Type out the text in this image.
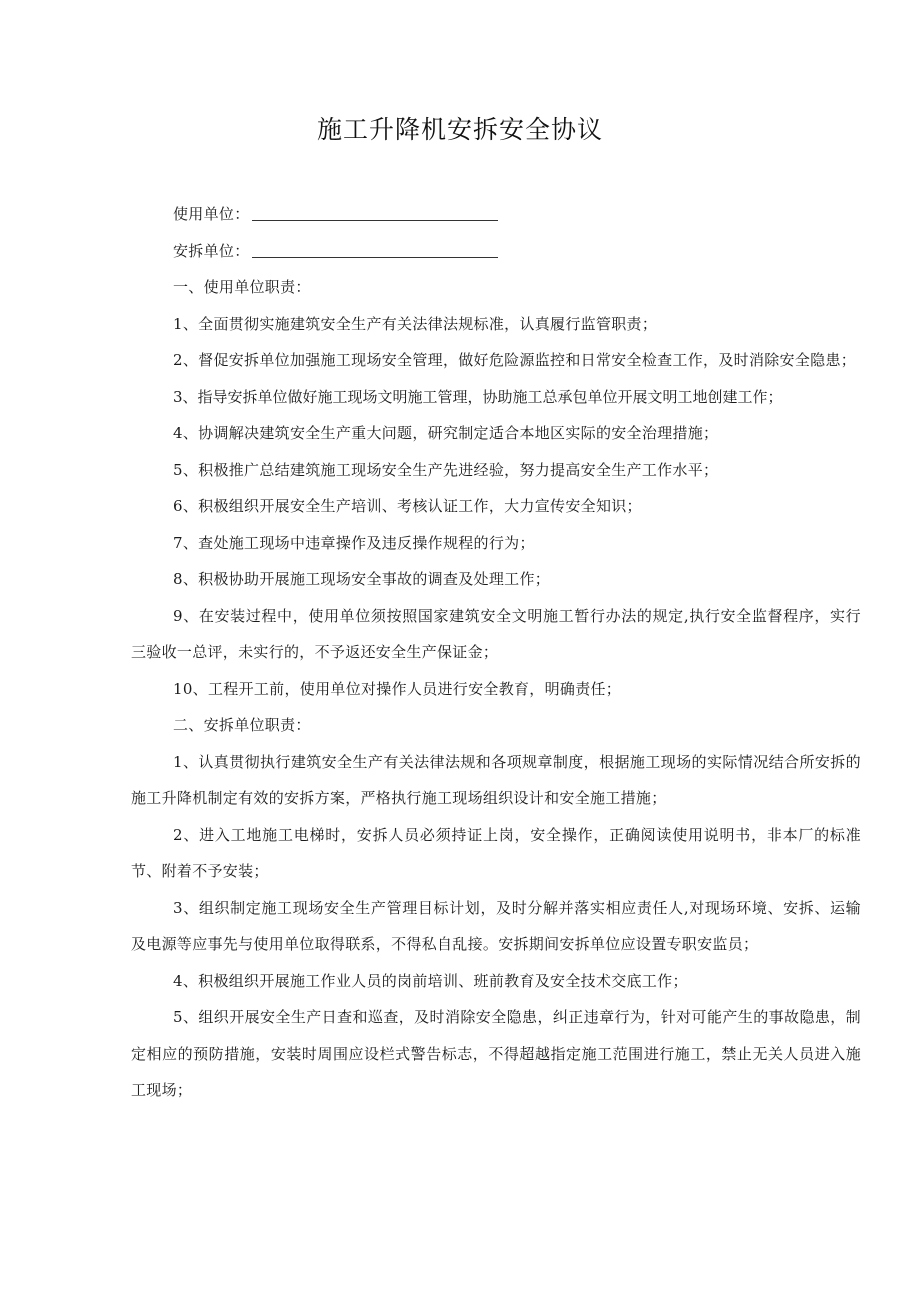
施工升降机安拆安全协议

使用单位：

安拆单位：

一、使用单位职责：

1、全面贯彻实施建筑安全生产有关法律法规标准，认真履行监管职责；

2、督促安拆单位加强施工现场安全管理，做好危险源监控和日常安全检查工作，及时消除安全隐患；

3、指导安拆单位做好施工现场文明施工管理，协助施工总承包单位开展文明工地创建工作；

4、协调解决建筑安全生产重大问题，研究制定适合本地区实际的安全治理措施；

5、积极推广总结建筑施工现场安全生产先进经验，努力提高安全生产工作水平；

6、积极组织开展安全生产培训、考核认证工作，大力宣传安全知识；

7、查处施工现场中违章操作及违反操作规程的行为；

8、积极协助开展施工现场安全事故的调查及处理工作；

9、在安装过程中，使用单位须按照国家建筑安全文明施工暂行办法的规定,执行安全监督程序，实行三验收一总评，未实行的，不予返还安全生产保证金；

10、工程开工前，使用单位对操作人员进行安全教育，明确责任；

二、安拆单位职责：

1、认真贯彻执行建筑安全生产有关法律法规和各项规章制度，根据施工现场的实际情况结合所安拆的施工升降机制定有效的安拆方案，严格执行施工现场组织设计和安全施工措施；

2、进入工地施工电梯时，安拆人员必须持证上岗，安全操作，正确阅读使用说明书，非本厂的标准节、附着不予安装；

3、组织制定施工现场安全生产管理目标计划，及时分解并落实相应责任人,对现场环境、安拆、运输及电源等应事先与使用单位取得联系，不得私自乱接。安拆期间安拆单位应设置专职安监员；

4、积极组织开展施工作业人员的岗前培训、班前教育及安全技术交底工作；

5、组织开展安全生产日查和巡查，及时消除安全隐患，纠正违章行为，针对可能产生的事故隐患，制定相应的预防措施，安装时周围应设栏式警告标志，不得超越指定施工范围进行施工，禁止无关人员进入施工现场；
